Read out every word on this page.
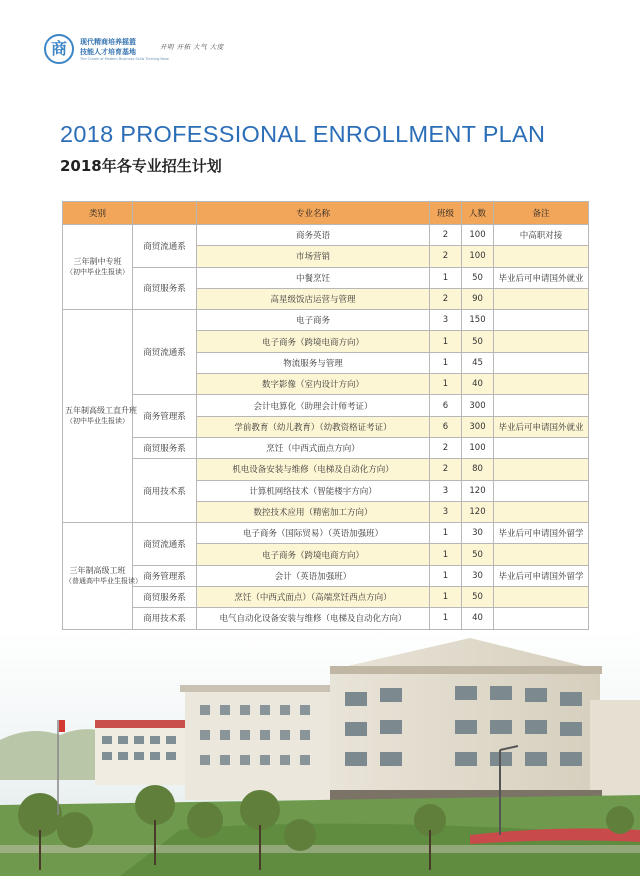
商 现代精商培养摇篮
技能人才培育基地
The Cradle of Modern Business Skills Training Base
开明 开拓 大气 大度
2018 PROFESSIONAL ENROLLMENT PLAN
2018年各专业招生计划
类别		专业名称	班级	人数	备注
三年制中专班
（初中毕业生报读）	商贸流通系	商务英语	2	100	中高职对接
		市场营销	2	100	
	商贸服务系	中餐烹饪	1	50	毕业后可申请国外就业
		高星级饭店运营与管理	2	90	
五年制高级工直升班
（初中毕业生报读）	商贸流通系	电子商务	3	150	
		电子商务（跨境电商方向）	1	50	
		物流服务与管理	1	45	
		数字影像（室内设计方向）	1	40	
	商务管理系	会计电算化（助理会计师考证）	6	300	
		学前教育（幼儿教育）（幼教资格证考证）	6	300	毕业后可申请国外就业
	商贸服务系	烹饪（中西式面点方向）	2	100	
	商用技术系	机电设备安装与维修（电梯及自动化方向）	2	80	
		计算机网络技术（智能楼宇方向）	3	120	
		数控技术应用（精密加工方向）	3	120	
三年制高级工班
（普通高中毕业生报读）	商贸流通系	电子商务（国际贸易）（英语加强班）	1	30	毕业后可申请国外留学
		电子商务（跨境电商方向）	1	50	
	商务管理系	会计（英语加强班）	1	30	毕业后可申请国外留学
	商贸服务系	烹饪（中西式面点）（高端烹饪西点方向）	1	50	
	商用技术系	电气自动化设备安装与维修（电梯及自动化方向）	1	40	
